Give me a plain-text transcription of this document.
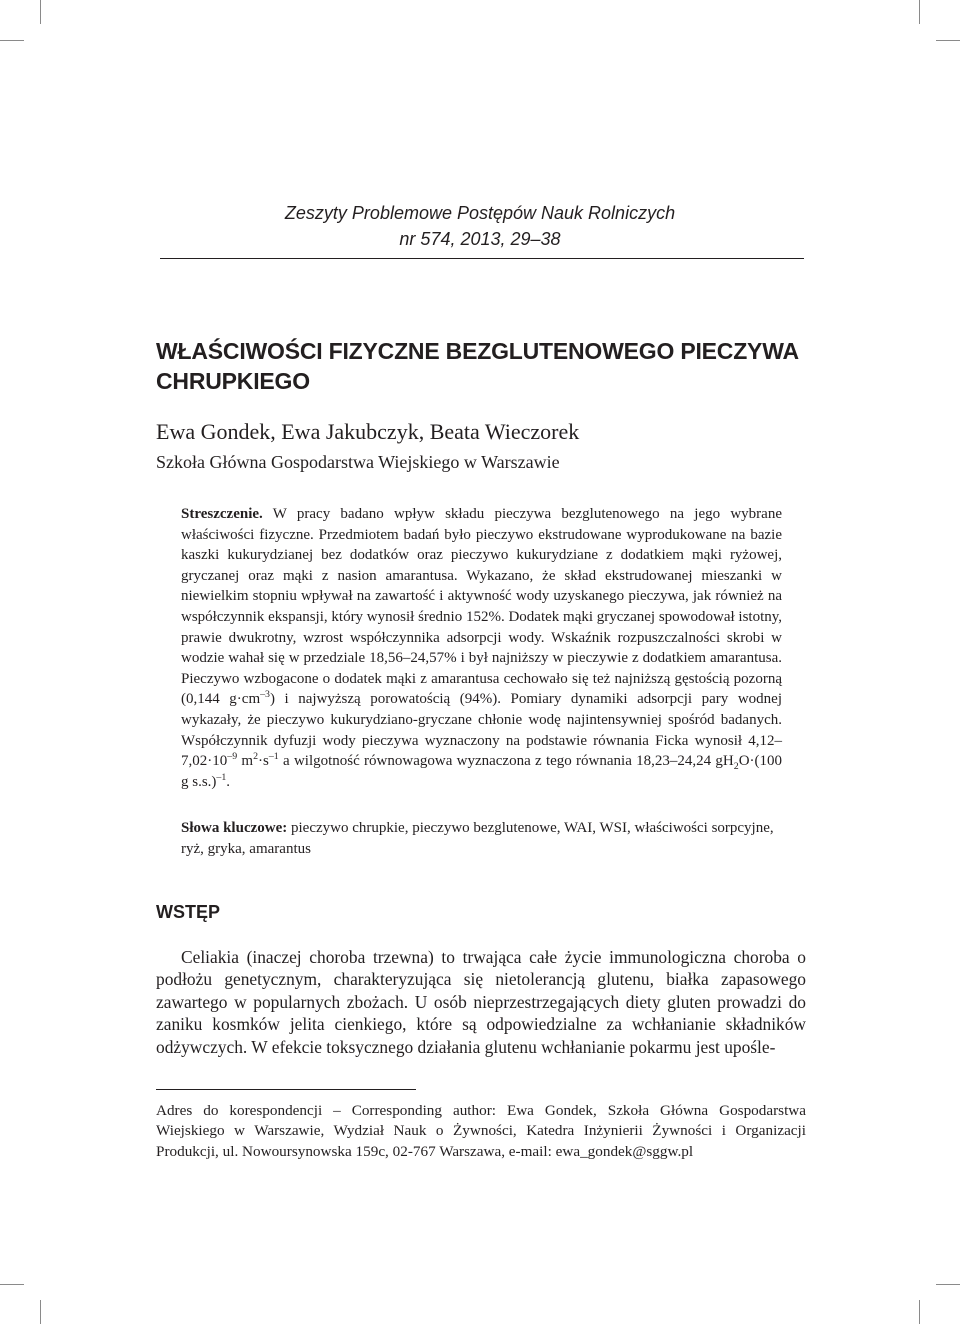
Zeszyty Problemowe Postępów Nauk Rolniczych
nr 574, 2013, 29–38
WŁAŚCIWOŚCI FIZYCZNE BEZGLUTENOWEGO PIECZYWA
CHRUPKIEGO

Ewa Gondek, Ewa Jakubczyk, Beata Wieczorek

Szkoła Główna Gospodarstwa Wiejskiego w Warszawie

Streszczenie. W pracy badano wpływ składu pieczywa bezglutenowego na jego wybrane właściwości fizyczne. Przedmiotem badań było pieczywo ekstrudowane wyprodukowane na bazie kaszki kukurydzianej bez dodatków oraz pieczywo kukurydziane z dodatkiem mąki ryżowej, gryczanej oraz mąki z nasion amarantusa. Wykazano, że skład ekstrudowanej mieszanki w niewielkim stopniu wpływał na zawartość i aktywność wody uzyskanego pieczywa, jak również na współczynnik ekspansji, który wynosił średnio 152%. Dodatek mąki gryczanej spowodował istotny, prawie dwukrotny, wzrost współczynnika adsorpcji wody. Wskaźnik rozpuszczalności skrobi w wodzie wahał się w przedziale 18,56–24,57% i był najniższy w pieczywie z dodatkiem amarantusa. Pieczywo wzbogacone o dodatek mąki z amarantusa cechowało się też najniższą gęstością pozorną (0,144 $g\cdot cm^{-3}$) i najwyższą porowatością (94%). Pomiary dynamiki adsorpcji pary wodnej wykazały, że pieczywo kukurydziano-gryczane chłonie wodę najintensywniej spośród badanych. Współczynnik dyfuzji wody pieczywa wyznaczony na podstawie równania Ficka wynosił $4,12-7,02\cdot 10^{-9}$ $m^2\cdot s^{-1}$ a wilgotność równowagowa wyznaczona z tego równania 18,23–24,24 $gH_2O\cdot(100$ g s.s.)$^{-1}$.

Słowa kluczowe: pieczywo chrupkie, pieczywo bezglutenowe, WAI, WSI, właściwości sorpcyjne, ryż, gryka, amarantus

WSTĘP

Celiakia (inaczej choroba trzewna) to trwająca całe życie immunologiczna choroba o podłożu genetycznym, charakteryzująca się nietolerancją glutenu, białka zapasowego zawartego w popularnych zbożach. U osób nieprzestrzegających diety gluten prowadzi do zaniku kosmków jelita cienkiego, które są odpowiedzialne za wchłanianie składników odżywczych. W efekcie toksycznego działania glutenu wchłanianie pokarmu jest upośle-

Adres do korespondencji – Corresponding author: Ewa Gondek, Szkoła Główna Gospodarstwa Wiejskiego w Warszawie, Wydział Nauk o Żywności, Katedra Inżynierii Żywności i Organizacji Produkcji, ul. Nowoursynowska 159c, 02-767 Warszawa, e-mail: ewa_gondek@sggw.pl
